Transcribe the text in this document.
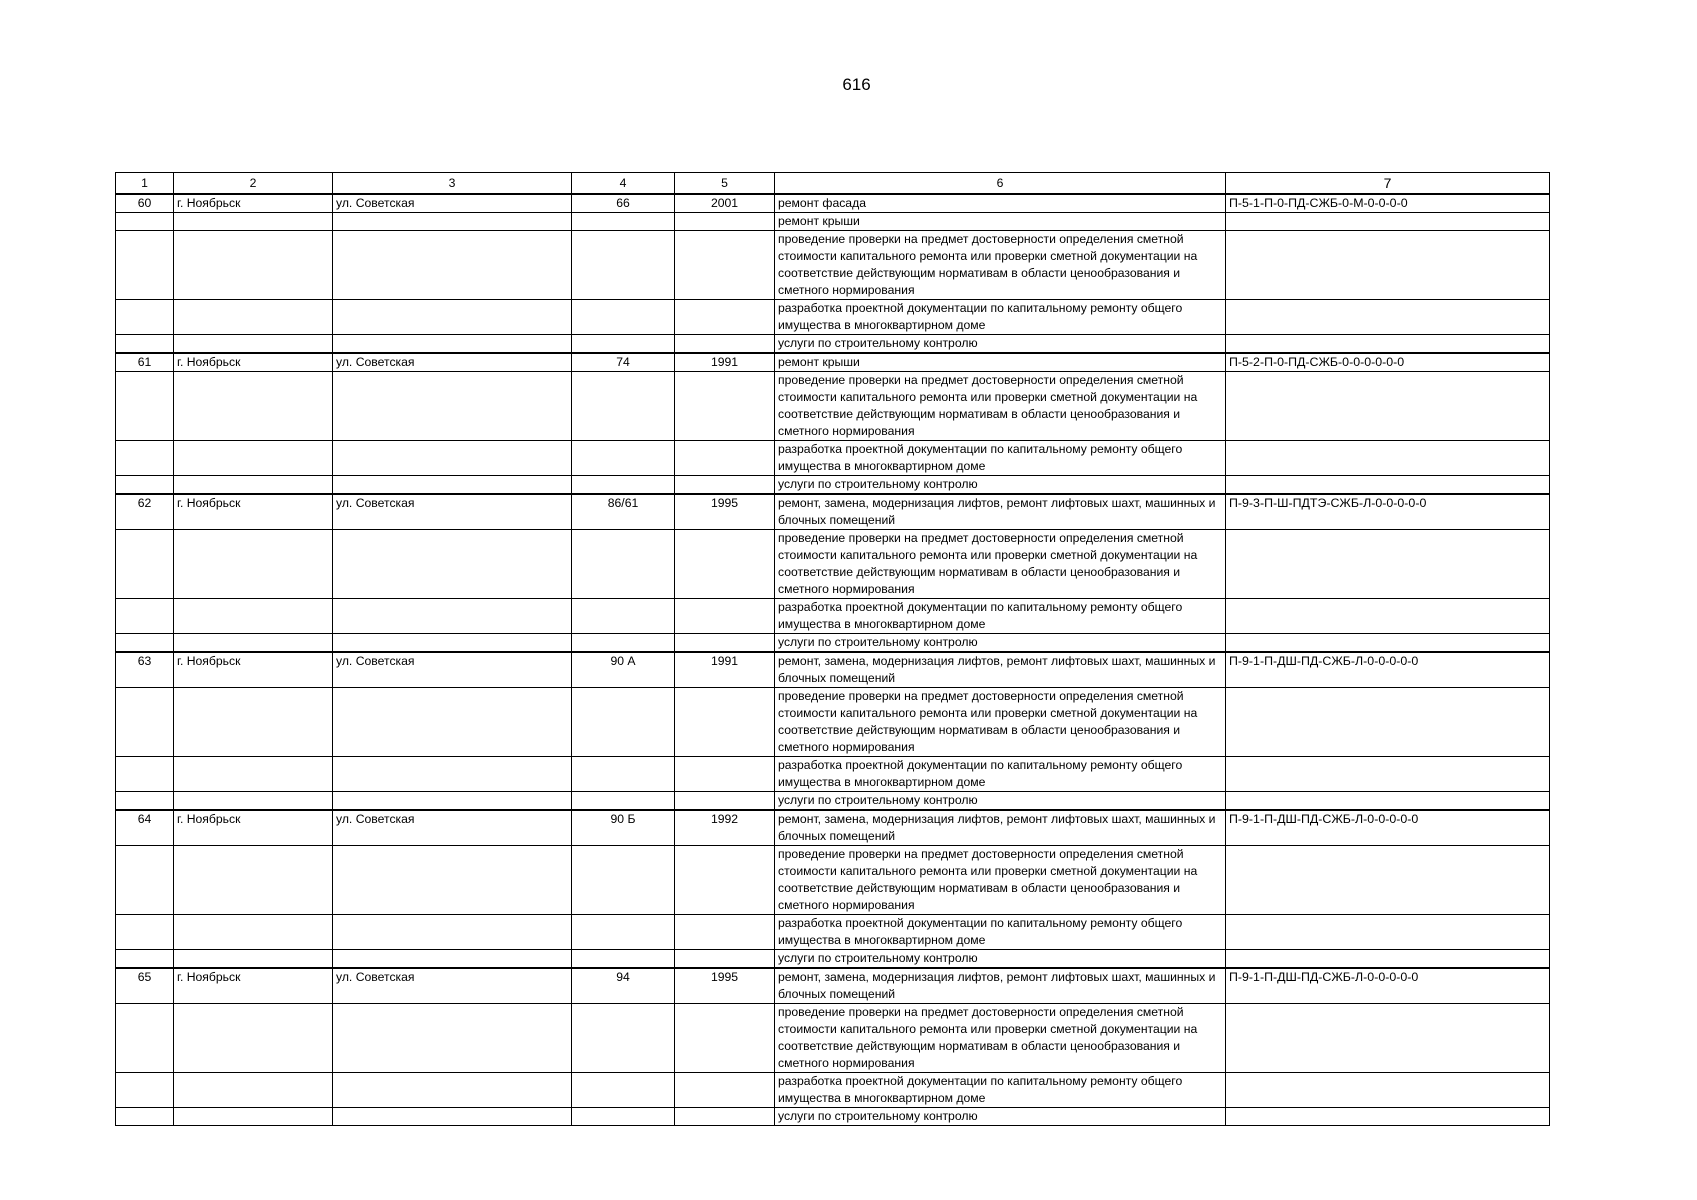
616
1	2	3	4	5	6	7
60	г. Ноябрьск	ул. Советская	66	2001	ремонт фасада	П-5-1-П-0-ПД-СЖБ-0-М-0-0-0-0
					ремонт крыши	
					проведение проверки на предмет достоверности определения сметной стоимости капитального ремонта или проверки сметной документации на соответствие действующим нормативам в области ценообразования и сметного нормирования	
					разработка проектной документации по капитальному ремонту общего имущества в многоквартирном доме	
					услуги по строительному контролю	
61	г. Ноябрьск	ул. Советская	74	1991	ремонт крыши	П-5-2-П-0-ПД-СЖБ-0-0-0-0-0-0
					проведение проверки на предмет достоверности определения сметной стоимости капитального ремонта или проверки сметной документации на соответствие действующим нормативам в области ценообразования и сметного нормирования	
					разработка проектной документации по капитальному ремонту общего имущества в многоквартирном доме	
					услуги по строительному контролю	
62	г. Ноябрьск	ул. Советская	86/61	1995	ремонт, замена, модернизация лифтов, ремонт лифтовых шахт, машинных и блочных помещений	П-9-3-П-Ш-ПДТЭ-СЖБ-Л-0-0-0-0-0
					проведение проверки на предмет достоверности определения сметной стоимости капитального ремонта или проверки сметной документации на соответствие действующим нормативам в области ценообразования и сметного нормирования	
					разработка проектной документации по капитальному ремонту общего имущества в многоквартирном доме	
					услуги по строительному контролю	
63	г. Ноябрьск	ул. Советская	90 А	1991	ремонт, замена, модернизация лифтов, ремонт лифтовых шахт, машинных и блочных помещений	П-9-1-П-ДШ-ПД-СЖБ-Л-0-0-0-0-0
					проведение проверки на предмет достоверности определения сметной стоимости капитального ремонта или проверки сметной документации на соответствие действующим нормативам в области ценообразования и сметного нормирования	
					разработка проектной документации по капитальному ремонту общего имущества в многоквартирном доме	
					услуги по строительному контролю	
64	г. Ноябрьск	ул. Советская	90 Б	1992	ремонт, замена, модернизация лифтов, ремонт лифтовых шахт, машинных и блочных помещений	П-9-1-П-ДШ-ПД-СЖБ-Л-0-0-0-0-0
					проведение проверки на предмет достоверности определения сметной стоимости капитального ремонта или проверки сметной документации на соответствие действующим нормативам в области ценообразования и сметного нормирования	
					разработка проектной документации по капитальному ремонту общего имущества в многоквартирном доме	
					услуги по строительному контролю	
65	г. Ноябрьск	ул. Советская	94	1995	ремонт, замена, модернизация лифтов, ремонт лифтовых шахт, машинных и блочных помещений	П-9-1-П-ДШ-ПД-СЖБ-Л-0-0-0-0-0
					проведение проверки на предмет достоверности определения сметной стоимости капитального ремонта или проверки сметной документации на соответствие действующим нормативам в области ценообразования и сметного нормирования	
					разработка проектной документации по капитальному ремонту общего имущества в многоквартирном доме	
					услуги по строительному контролю	
